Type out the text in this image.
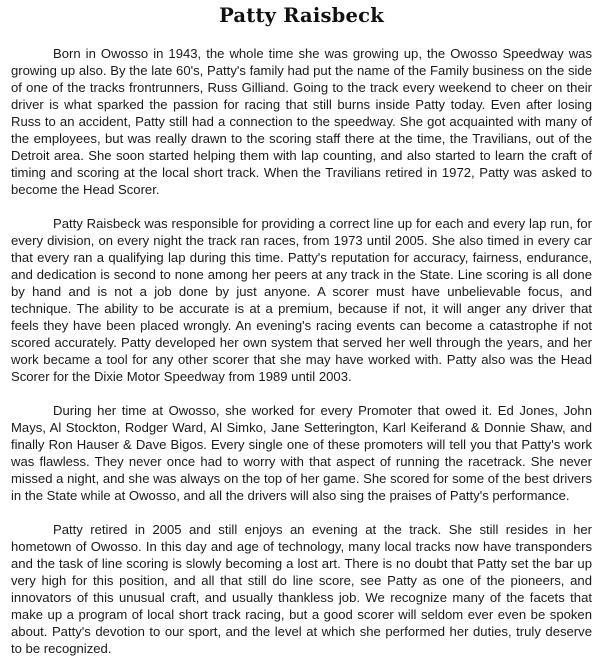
Patty Raisbeck

Born in Owosso in 1943, the whole time she was growing up, the Owosso Speedway was growing up also. By the late 60's, Patty's family had put the name of the Family business on the side of one of the tracks frontrunners, Russ Gilliand. Going to the track every weekend to cheer on their driver is what sparked the passion for racing that still burns inside Patty today. Even after losing Russ to an accident, Patty still had a connection to the speedway. She got acquainted with many of the employees, but was really drawn to the scoring staff there at the time, the Travilians, out of the Detroit area. She soon started helping them with lap counting, and also started to learn the craft of timing and scoring at the local short track. When the Travilians retired in 1972, Patty was asked to become the Head Scorer.

Patty Raisbeck was responsible for providing a correct line up for each and every lap run, for every division, on every night the track ran races, from 1973 until 2005. She also timed in every car that every ran a qualifying lap during this time. Patty's reputation for accuracy, fairness, endurance, and dedication is second to none among her peers at any track in the State. Line scoring is all done by hand and is not a job done by just anyone. A scorer must have unbelievable focus, and technique. The ability to be accurate is at a premium, because if not, it will anger any driver that feels they have been placed wrongly. An evening's racing events can become a catastrophe if not scored accurately. Patty developed her own system that served her well through the years, and her work became a tool for any other scorer that she may have worked with. Patty also was the Head Scorer for the Dixie Motor Speedway from 1989 until 2003.

During her time at Owosso, she worked for every Promoter that owed it. Ed Jones, John Mays, Al Stockton, Rodger Ward, Al Simko, Jane Setterington, Karl Keiferand & Donnie Shaw, and finally Ron Hauser & Dave Bigos. Every single one of these promoters will tell you that Patty's work was flawless. They never once had to worry with that aspect of running the racetrack. She never missed a night, and she was always on the top of her game. She scored for some of the best drivers in the State while at Owosso, and all the drivers will also sing the praises of Patty's performance.

Patty retired in 2005 and still enjoys an evening at the track. She still resides in her hometown of Owosso. In this day and age of technology, many local tracks now have transponders and the task of line scoring is slowly becoming a lost art. There is no doubt that Patty set the bar up very high for this position, and all that still do line score, see Patty as one of the pioneers, and innovators of this unusual craft, and usually thankless job. We recognize many of the facets that make up a program of local short track racing, but a good scorer will seldom ever even be spoken about. Patty's devotion to our sport, and the level at which she performed her duties, truly deserve to be recognized.
